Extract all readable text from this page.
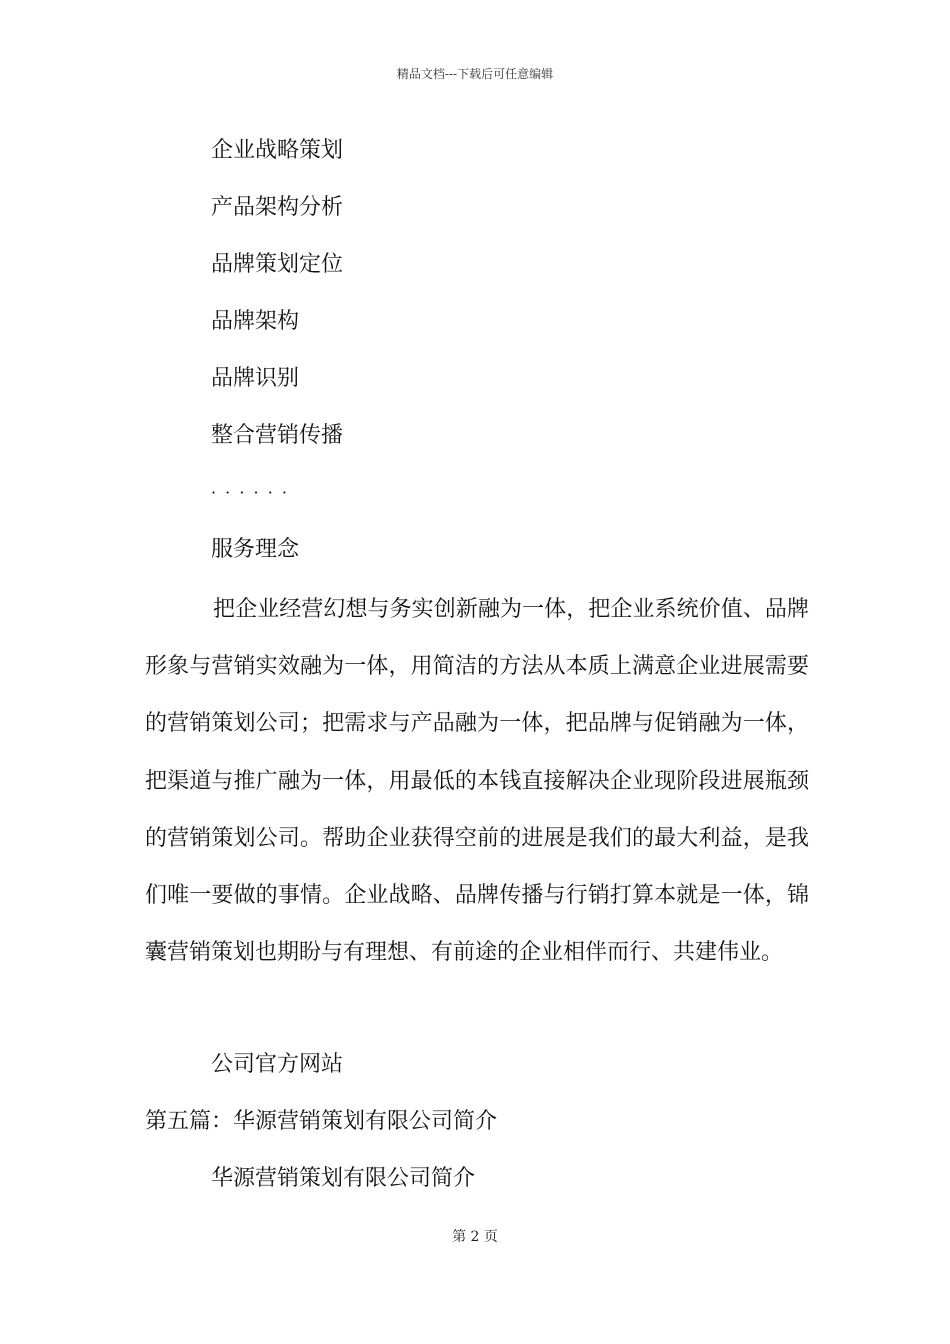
精品文档---下载后可任意编辑
企业战略策划
产品架构分析
品牌策划定位
品牌架构
品牌识别
整合营销传播
· · · · · ·
服务理念
把企业经营幻想与务实创新融为一体，把企业系统价值、品牌形象与营销实效融为一体，用简洁的方法从本质上满意企业进展需要的营销策划公司；把需求与产品融为一体，把品牌与促销融为一体，把渠道与推广融为一体，用最低的本钱直接解决企业现阶段进展瓶颈的营销策划公司。帮助企业获得空前的进展是我们的最大利益，是我们唯一要做的事情。企业战略、品牌传播与行销打算本就是一体，锦囊营销策划也期盼与有理想、有前途的企业相伴而行、共建伟业。
公司官方网站
第五篇：华源营销策划有限公司简介
华源营销策划有限公司简介
第 2 页
